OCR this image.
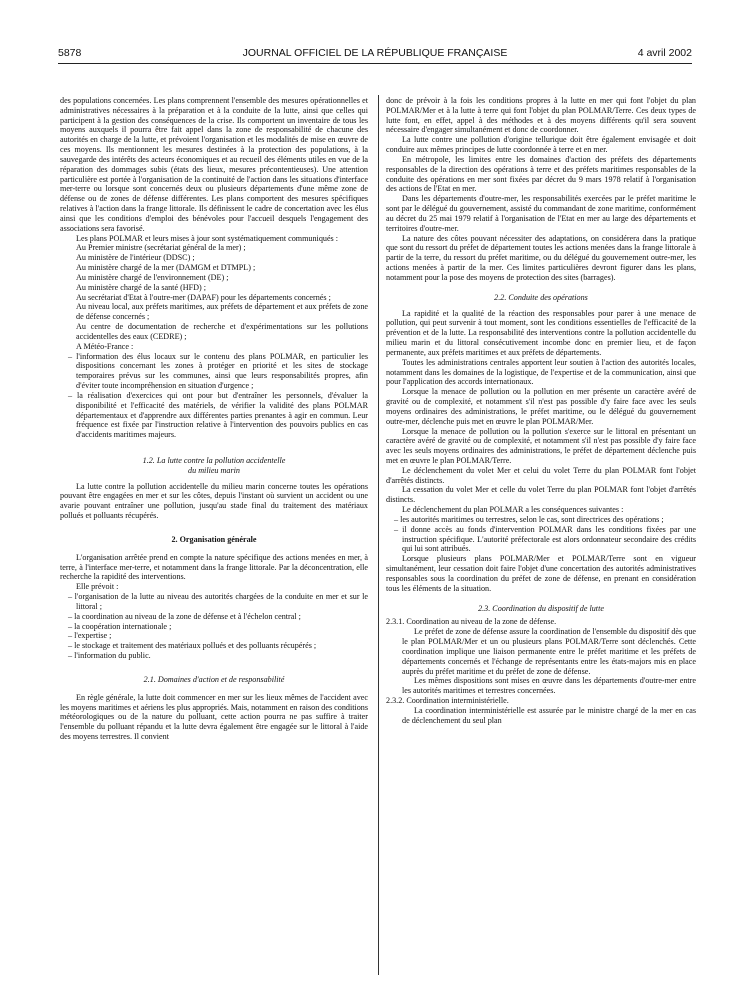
5878	JOURNAL OFFICIEL DE LA RÉPUBLIQUE FRANÇAISE	4 avril 2002

des populations concernées. Les plans comprennent l'ensemble des mesures opérationnelles et administratives nécessaires à la préparation et à la conduite de la lutte, ainsi que celles qui participent à la gestion des conséquences de la crise. Ils comportent un inventaire de tous les moyens auxquels il pourra être fait appel dans la zone de responsabilité de chacune des autorités en charge de la lutte, et prévoient l'organisation et les modalités de mise en œuvre de ces moyens. Ils mentionnent les mesures destinées à la protection des populations, à la sauvegarde des intérêts des acteurs économiques et au recueil des éléments utiles en vue de la réparation des dommages subis (états des lieux, mesures précontentieuses). Une attention particulière est portée à l'organisation de la continuité de l'action dans les situations d'interface mer-terre ou lorsque sont concernés deux ou plusieurs départements d'une même zone de défense ou de zones de défense différentes. Les plans comportent des mesures spécifiques relatives à l'action dans la frange littorale. Ils définissent le cadre de concertation avec les élus ainsi que les conditions d'emploi des bénévoles pour l'accueil desquels l'engagement des associations sera favorisé.

Les plans POLMAR et leurs mises à jour sont systématiquement communiqués :

Au Premier ministre (secrétariat général de la mer) ;

Au ministère de l'intérieur (DDSC) ;

Au ministère chargé de la mer (DAMGM et DTMPL) ;

Au ministère chargé de l'environnement (DE) ;

Au ministère chargé de la santé (HFD) ;

Au secrétariat d'Etat à l'outre-mer (DAPAF) pour les départements concernés ;

Au niveau local, aux préfets maritimes, aux préfets de département et aux préfets de zone de défense concernés ;

Au centre de documentation de recherche et d'expérimentations sur les pollutions accidentelles des eaux (CEDRE) ;

A Météo-France :

– l'information des élus locaux sur le contenu des plans POLMAR, en particulier les dispositions concernant les zones à protéger en priorité et les sites de stockage temporaires prévus sur les communes, ainsi que leurs responsabilités propres, afin d'éviter toute incompréhension en situation d'urgence ;

– la réalisation d'exercices qui ont pour but d'entraîner les personnels, d'évaluer la disponibilité et l'efficacité des matériels, de vérifier la validité des plans POLMAR départementaux et d'apprendre aux différentes parties prenantes à agir en commun. Leur fréquence est fixée par l'instruction relative à l'intervention des pouvoirs publics en cas d'accidents maritimes majeurs.

1.2. La lutte contre la pollution accidentelle
du milieu marin

La lutte contre la pollution accidentelle du milieu marin concerne toutes les opérations pouvant être engagées en mer et sur les côtes, depuis l'instant où survient un accident ou une avarie pouvant entraîner une pollution, jusqu'au stade final du traitement des matériaux pollués et polluants récupérés.

2. Organisation générale

L'organisation arrêtée prend en compte la nature spécifique des actions menées en mer, à terre, à l'interface mer-terre, et notamment dans la frange littorale. Par la déconcentration, elle recherche la rapidité des interventions.

Elle prévoit :

– l'organisation de la lutte au niveau des autorités chargées de la conduite en mer et sur le littoral ;

– la coordination au niveau de la zone de défense et à l'échelon central ;

– la coopération internationale ;

– l'expertise ;

– le stockage et traitement des matériaux pollués et des polluants récupérés ;

– l'information du public.

2.1. Domaines d'action et de responsabilité

En règle générale, la lutte doit commencer en mer sur les lieux mêmes de l'accident avec les moyens maritimes et aériens les plus appropriés. Mais, notamment en raison des conditions météorologiques ou de la nature du polluant, cette action pourra ne pas suffire à traiter l'ensemble du polluant répandu et la lutte devra également être engagée sur le littoral à l'aide des moyens terrestres. Il convient

donc de prévoir à la fois les conditions propres à la lutte en mer qui font l'objet du plan POLMAR/Mer et à la lutte à terre qui font l'objet du plan POLMAR/Terre. Ces deux types de lutte font, en effet, appel à des méthodes et à des moyens différents qu'il sera souvent nécessaire d'engager simultanément et donc de coordonner.

La lutte contre une pollution d'origine tellurique doit être également envisagée et doit conduire aux mêmes principes de lutte coordonnée à terre et en mer.

En métropole, les limites entre les domaines d'action des préfets des départements responsables de la direction des opérations à terre et des préfets maritimes responsables de la conduite des opérations en mer sont fixées par décret du 9 mars 1978 relatif à l'organisation des actions de l'Etat en mer.

Dans les départements d'outre-mer, les responsabilités exercées par le préfet maritime le sont par le délégué du gouvernement, assisté du commandant de zone maritime, conformément au décret du 25 mai 1979 relatif à l'organisation de l'Etat en mer au large des départements et territoires d'outre-mer.

La nature des côtes pouvant nécessiter des adaptations, on considérera dans la pratique que sont du ressort du préfet de département toutes les actions menées dans la frange littorale à partir de la terre, du ressort du préfet maritime, ou du délégué du gouvernement outre-mer, les actions menées à partir de la mer. Ces limites particulières devront figurer dans les plans, notamment pour la pose des moyens de protection des sites (barrages).

2.2. Conduite des opérations

La rapidité et la qualité de la réaction des responsables pour parer à une menace de pollution, qui peut survenir à tout moment, sont les conditions essentielles de l'efficacité de la prévention et de la lutte. La responsabilité des interventions contre la pollution accidentelle du milieu marin et du littoral consécutivement incombe donc en premier lieu, et de façon permanente, aux préfets maritimes et aux préfets de départements.

Toutes les administrations centrales apportent leur soutien à l'action des autorités locales, notamment dans les domaines de la logistique, de l'expertise et de la communication, ainsi que pour l'application des accords internationaux.

Lorsque la menace de pollution ou la pollution en mer présente un caractère avéré de gravité ou de complexité, et notamment s'il n'est pas possible d'y faire face avec les seuls moyens ordinaires des administrations, le préfet maritime, ou le délégué du gouvernement outre-mer, déclenche puis met en œuvre le plan POLMAR/Mer.

Lorsque la menace de pollution ou la pollution s'exerce sur le littoral en présentant un caractère avéré de gravité ou de complexité, et notamment s'il n'est pas possible d'y faire face avec les seuls moyens ordinaires des administrations, le préfet de département déclenche puis met en œuvre le plan POLMAR/Terre.

Le déclenchement du volet Mer et celui du volet Terre du plan POLMAR font l'objet d'arrêtés distincts.

La cessation du volet Mer et celle du volet Terre du plan POLMAR font l'objet d'arrêtés distincts.

Le déclenchement du plan POLMAR a les conséquences suivantes :

– les autorités maritimes ou terrestres, selon le cas, sont directrices des opérations ;

– il donne accès au fonds d'intervention POLMAR dans les conditions fixées par une instruction spécifique. L'autorité préfectorale est alors ordonnateur secondaire des crédits qui lui sont attribués.

Lorsque plusieurs plans POLMAR/Mer et POLMAR/Terre sont en vigueur simultanément, leur cessation doit faire l'objet d'une concertation des autorités administratives responsables sous la coordination du préfet de zone de défense, en prenant en considération tous les éléments de la situation.

2.3. Coordination du dispositif de lutte

2.3.1. Coordination au niveau de la zone de défense.

Le préfet de zone de défense assure la coordination de l'ensemble du dispositif dès que le plan POLMAR/Mer et un ou plusieurs plans POLMAR/Terre sont déclenchés. Cette coordination implique une liaison permanente entre le préfet maritime et les préfets de départements concernés et l'échange de représentants entre les états-majors mis en place auprès du préfet maritime et du préfet de zone de défense.

Les mêmes dispositions sont mises en œuvre dans les départements d'outre-mer entre les autorités maritimes et terrestres concernées.

2.3.2. Coordination interministérielle.

La coordination interministérielle est assurée par le ministre chargé de la mer en cas de déclenchement du seul plan
